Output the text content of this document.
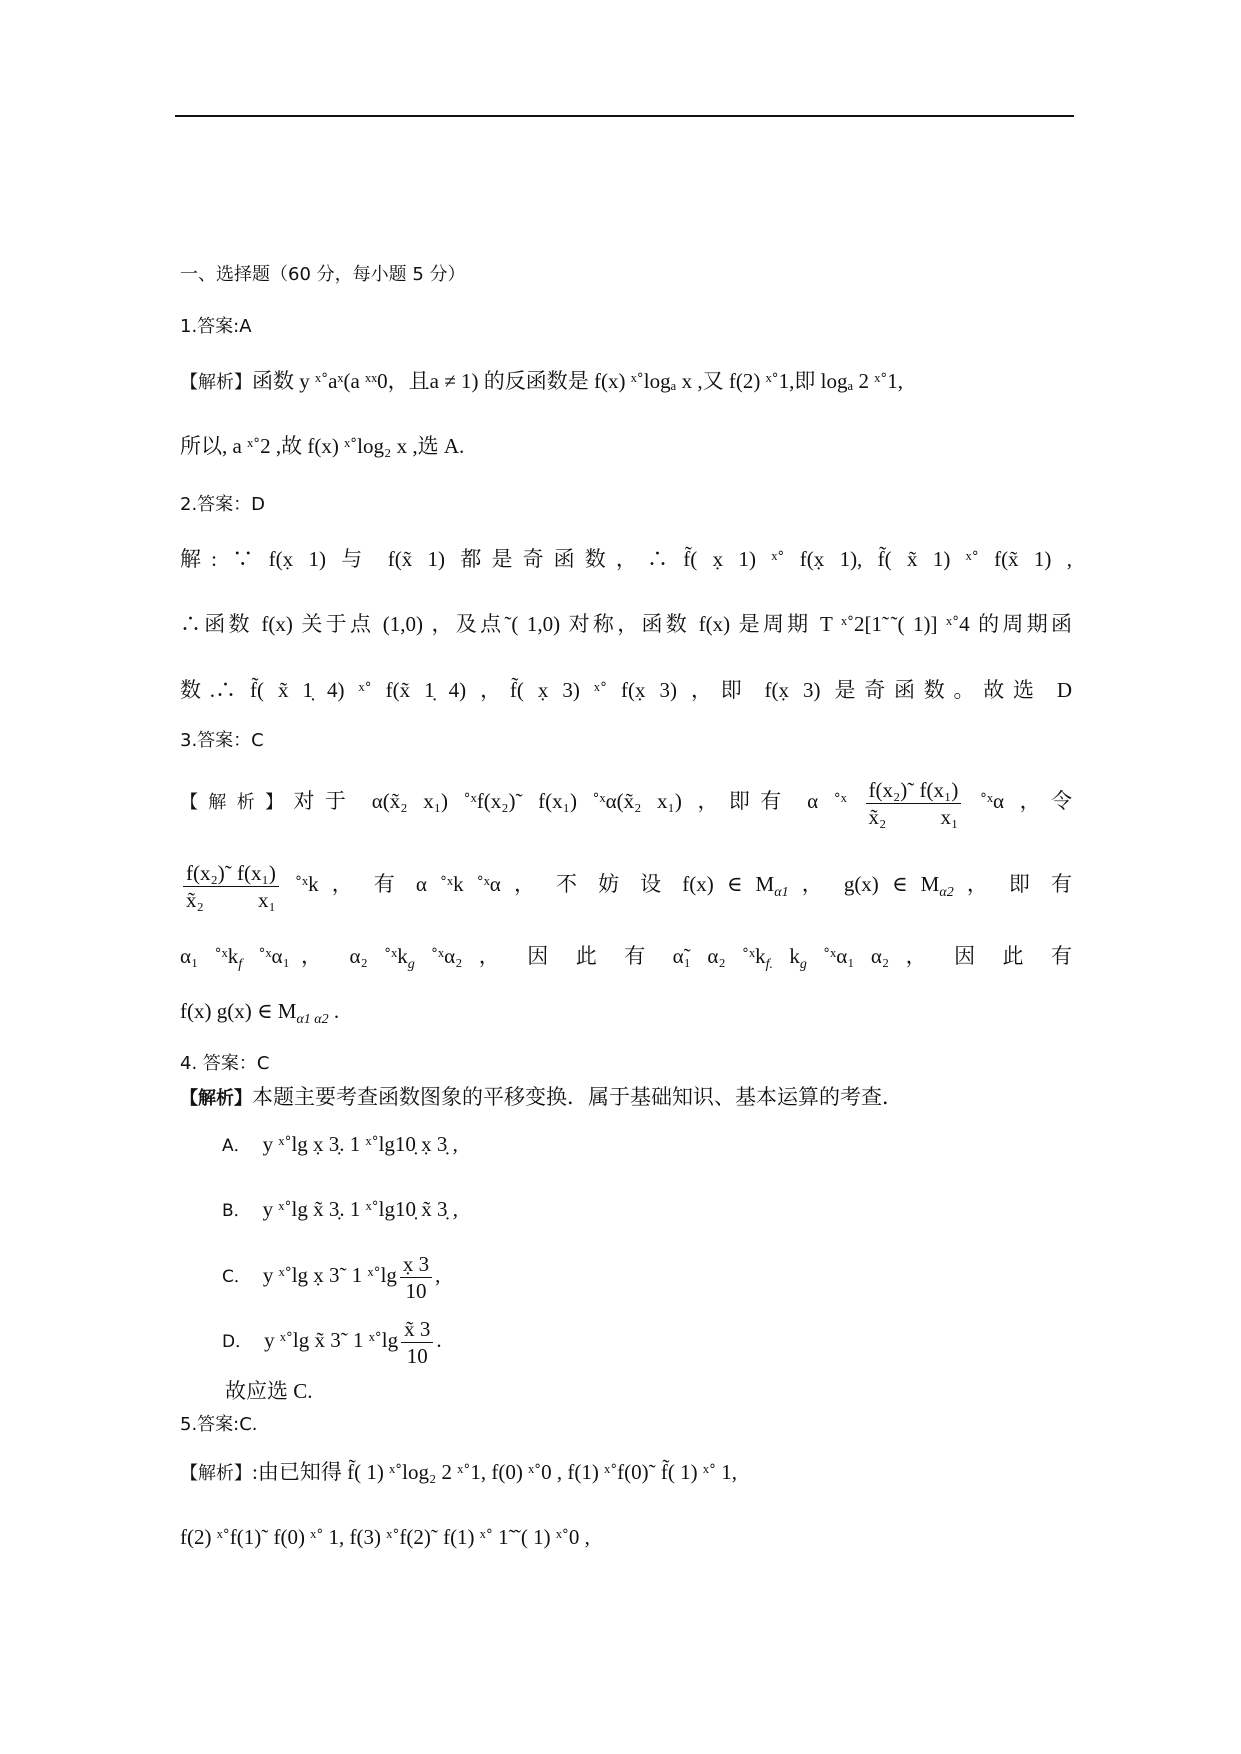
一、选择题（60 分，每小题 5 分）
1.答案:A
【解析】函数 y ˣ˚aˣ(a ˣˣ0，且a ≠ 1) 的反函数是 f(x) ˣ˚logₐ x ,又 f(2) ˣ˚1,即 logₐ 2 ˣ˚1,
所以, a ˣ˚2 ,故 f(x) ˣ˚log₂ x ,选 A.
2.答案：D
解: ∵ f(x̣ 1) 与 f(x̃ 1) 都是奇函数，∴ f̃( x̣ 1) ˣ˚ f(x̣ 1), f̃( x̃ 1) ˣ˚ f(x̃ 1) ,
∴函数 f(x) 关于点 (1,0) ，及点˜( 1,0) 对称，函数 f(x) 是周期 T ˣ˚2[1̃ ˜( 1)] ˣ˚4 的周期函
数.∴ f̃( x̃ 1̣ 4) ˣ˚ f(x̃ 1̣ 4) ，f̃( x̣ 3) ˣ˚ f(x̣ 3) ，即 f(x̣ 3) 是奇函数。故选 D
3.答案：C
【解析】对于 α(x̃₂ x₁) ˚ˣf(x₂)˜ f(x₁) ˚ˣα(x̃₂ x₁) ，即有 α ˚ˣ $\frac{\text{f(x₂)˜ f(x₁)}}{\text{x̃₂ x₁}}$ ˚ˣα ，令
$\frac{\text{f(x₂)˜ f(x₁)}}{\text{x̃₂ x₁}}$ ˚ˣk ， 有 α ˚ˣk ˚ˣα ， 不 妨 设 f(x) ∈ $M_{\alpha 1}$ ， g(x) ∈ $M_{\alpha 2}$ ， 即 有
α₁ ˚ˣk$_f$ ˚ˣα₁， α₂ ˚ˣk$_g$ ˚ˣα₂ ， 因 此 有 α̃₁ α₂ ˚ˣk$_{f.}$ $k_g$ ˚ˣα₁ α₂ ， 因 此 有
f(x) g(x) ∈ $M_{\alpha 1 \alpha 2}$ .
4. 答案：C
【解析】本题主要考查函数图象的平移变换．属于基础知识、基本运算的考查．
A． y ˣ˚lg x̣ 3̣. 1 ˣ˚lg10̣ x̣ 3̣ ,
B． y ˣ˚lg x̃ 3̣. 1 ˣ˚lg10̣ x̃ 3̣ ,
C． y ˣ˚lg x̣ 3˜ 1 ˣ˚lg $\frac{x̣ 3}{10}$ ,
D． y ˣ˚lg x̃ 3˜ 1 ˣ˚lg $\frac{x̃ 3}{10}$ .
故应选 C.
5.答案:C.
【解析】:由已知得 f̃( 1) ˣ˚log₂ 2 ˣ˚1, f(0) ˣ˚0 , f(1) ˣ˚f(0)˜ f̃( 1) ˣ˚ 1,
f(2) ˣ˚f(1)˜ f(0) ˣ˚ 1, f(3) ˣ˚f(2)˜ f(1) ˣ˚ 1̃ ˜( 1) ˣ˚0 ,
